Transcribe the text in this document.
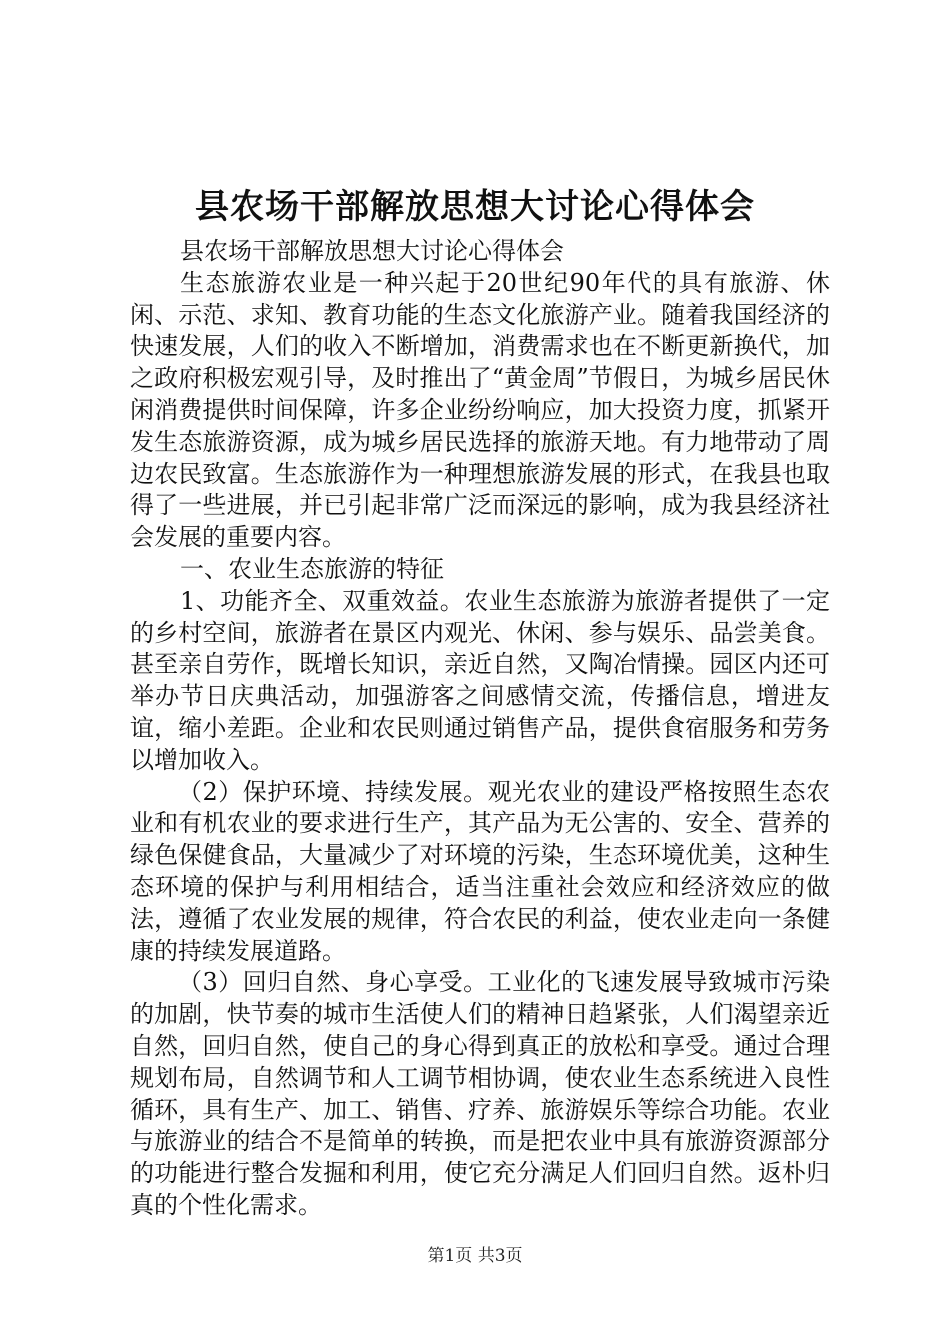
县农场干部解放思想大讨论心得体会

县农场干部解放思想大讨论心得体会

生态旅游农业是一种兴起于20世纪90年代的具有旅游、休闲、示范、求知、教育功能的生态文化旅游产业。随着我国经济的快速发展，人们的收入不断增加，消费需求也在不断更新换代，加之政府积极宏观引导，及时推出了“黄金周”节假日，为城乡居民休闲消费提供时间保障，许多企业纷纷响应，加大投资力度，抓紧开发生态旅游资源，成为城乡居民选择的旅游天地。有力地带动了周边农民致富。生态旅游作为一种理想旅游发展的形式，在我县也取得了一些进展，并已引起非常广泛而深远的影响，成为我县经济社会发展的重要内容。

一、农业生态旅游的特征

1、功能齐全、双重效益。农业生态旅游为旅游者提供了一定的乡村空间，旅游者在景区内观光、休闲、参与娱乐、品尝美食。甚至亲自劳作，既增长知识，亲近自然，又陶冶情操。园区内还可举办节日庆典活动，加强游客之间感情交流，传播信息，增进友谊，缩小差距。企业和农民则通过销售产品，提供食宿服务和劳务以增加收入。

（2）保护环境、持续发展。观光农业的建设严格按照生态农业和有机农业的要求进行生产，其产品为无公害的、安全、营养的绿色保健食品，大量减少了对环境的污染，生态环境优美，这种生态环境的保护与利用相结合，适当注重社会效应和经济效应的做法，遵循了农业发展的规律，符合农民的利益，使农业走向一条健康的持续发展道路。

（3）回归自然、身心享受。工业化的飞速发展导致城市污染的加剧，快节奏的城市生活使人们的精神日趋紧张，人们渴望亲近自然，回归自然，使自己的身心得到真正的放松和享受。通过合理规划布局，自然调节和人工调节相协调，使农业生态系统进入良性循环，具有生产、加工、销售、疗养、旅游娱乐等综合功能。农业与旅游业的结合不是简单的转换，而是把农业中具有旅游资源部分的功能进行整合发掘和利用，使它充分满足人们回归自然。返朴归真的个性化需求。

第1页 共3页
